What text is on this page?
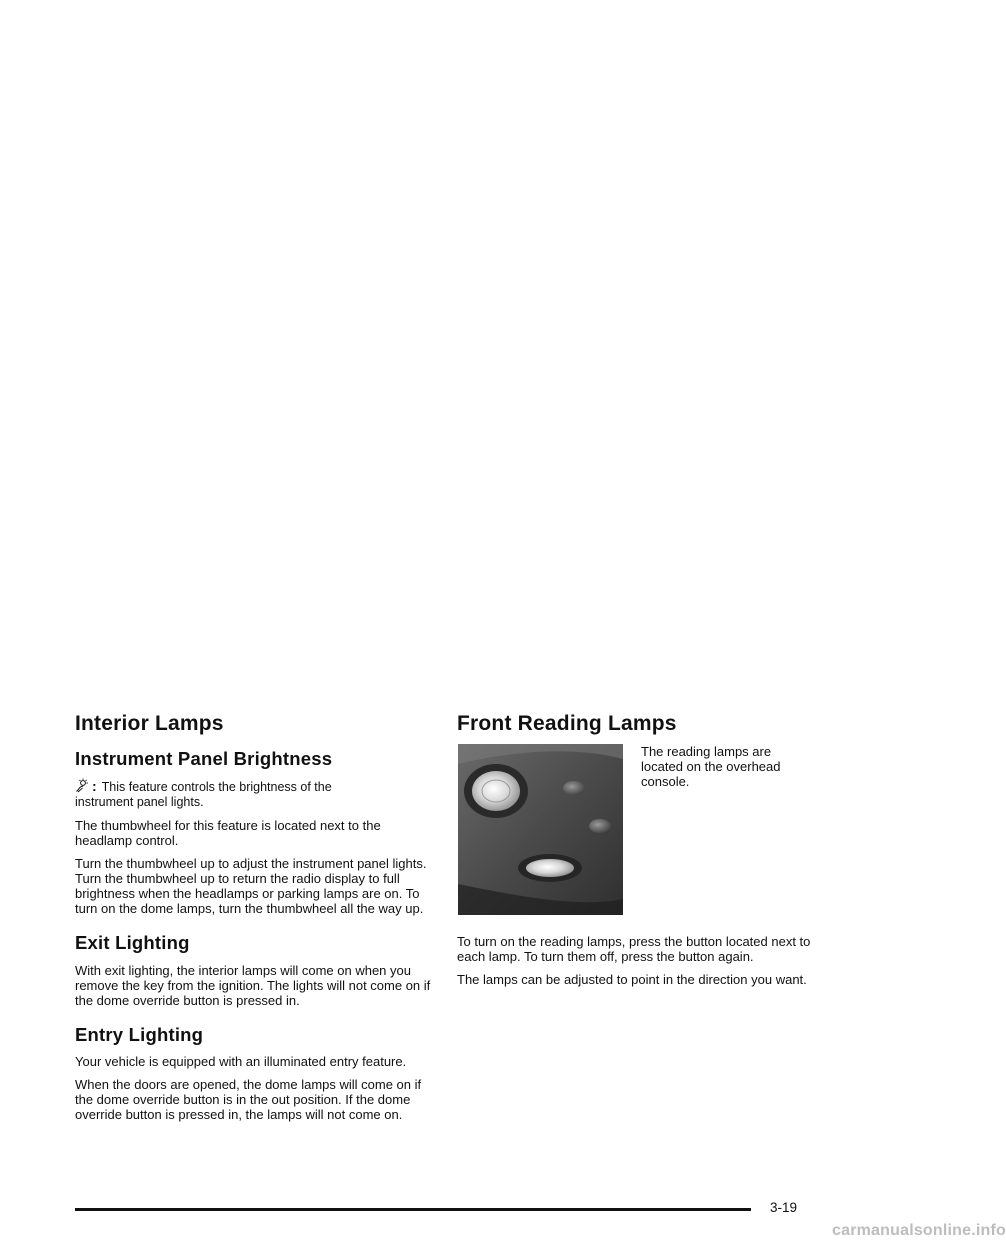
Interior Lamps
Instrument Panel Brightness
: This feature controls the brightness of the
instrument panel lights.

The thumbwheel for this feature is located next to the headlamp control.

Turn the thumbwheel up to adjust the instrument panel lights. Turn the thumbwheel up to return the radio display to full brightness when the headlamps or parking lamps are on. To turn on the dome lamps, turn the thumbwheel all the way up.

Exit Lighting

With exit lighting, the interior lamps will come on when you remove the key from the ignition. The lights will not come on if the dome override button is pressed in.

Entry Lighting

Your vehicle is equipped with an illuminated entry feature.

When the doors are opened, the dome lamps will come on if the dome override button is in the out position. If the dome override button is pressed in, the lamps will not come on.

Front Reading Lamps

The reading lamps are located on the overhead console.

To turn on the reading lamps, press the button located next to each lamp. To turn them off, press the button again.

The lamps can be adjusted to point in the direction you want.

3-19
carmanualsonline.info
